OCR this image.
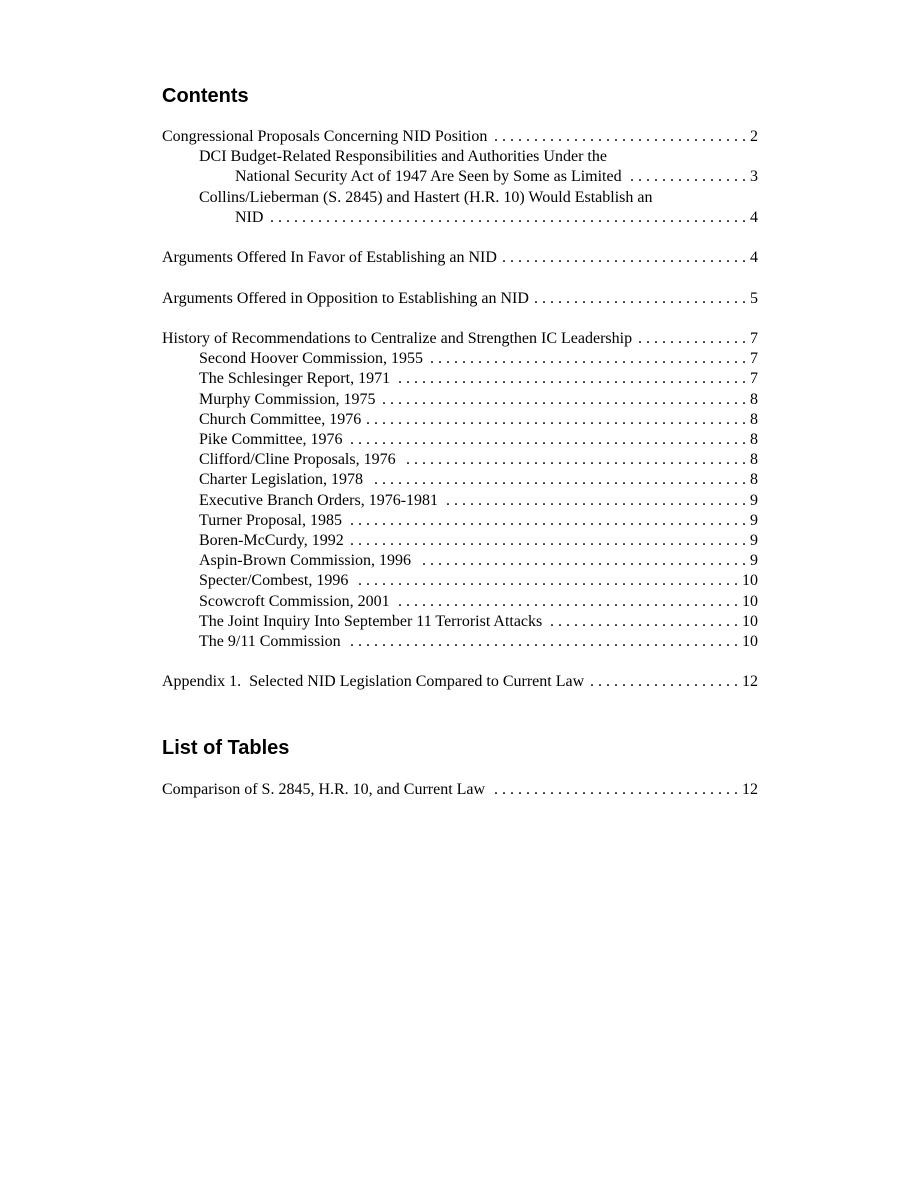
Contents
Congressional Proposals Concerning NID Position . . .	2
DCI Budget-Related Responsibilities and Authorities Under the
National Security Act of 1947 Are Seen by Some as Limited . . .	3
Collins/Lieberman (S. 2845) and Hastert (H.R. 10) Would Establish an
NID . . .	4
Arguments Offered In Favor of Establishing an NID . . .	4
Arguments Offered in Opposition to Establishing an NID . . .	5
History of Recommendations to Centralize and Strengthen IC Leadership . . .	7
Second Hoover Commission, 1955 . . .	7
The Schlesinger Report, 1971 . . .	7
Murphy Commission, 1975 . . .	8
Church Committee, 1976 . . .	8
Pike Committee, 1976 . . .	8
Clifford/Cline Proposals, 1976 . . .	8
Charter Legislation, 1978 . . .	8
Executive Branch Orders, 1976-1981 . . .	9
Turner Proposal, 1985 . . .	9
Boren-McCurdy, 1992 . . .	9
Aspin-Brown Commission, 1996 . . .	9
Specter/Combest, 1996 . . .	10
Scowcroft Commission, 2001 . . .	10
The Joint Inquiry Into September 11 Terrorist Attacks . . .	10
The 9/11 Commission . . .	10
Appendix 1.  Selected NID Legislation Compared to Current Law . . .	12
List of Tables
Comparison of S. 2845, H.R. 10, and Current Law . . .	12
